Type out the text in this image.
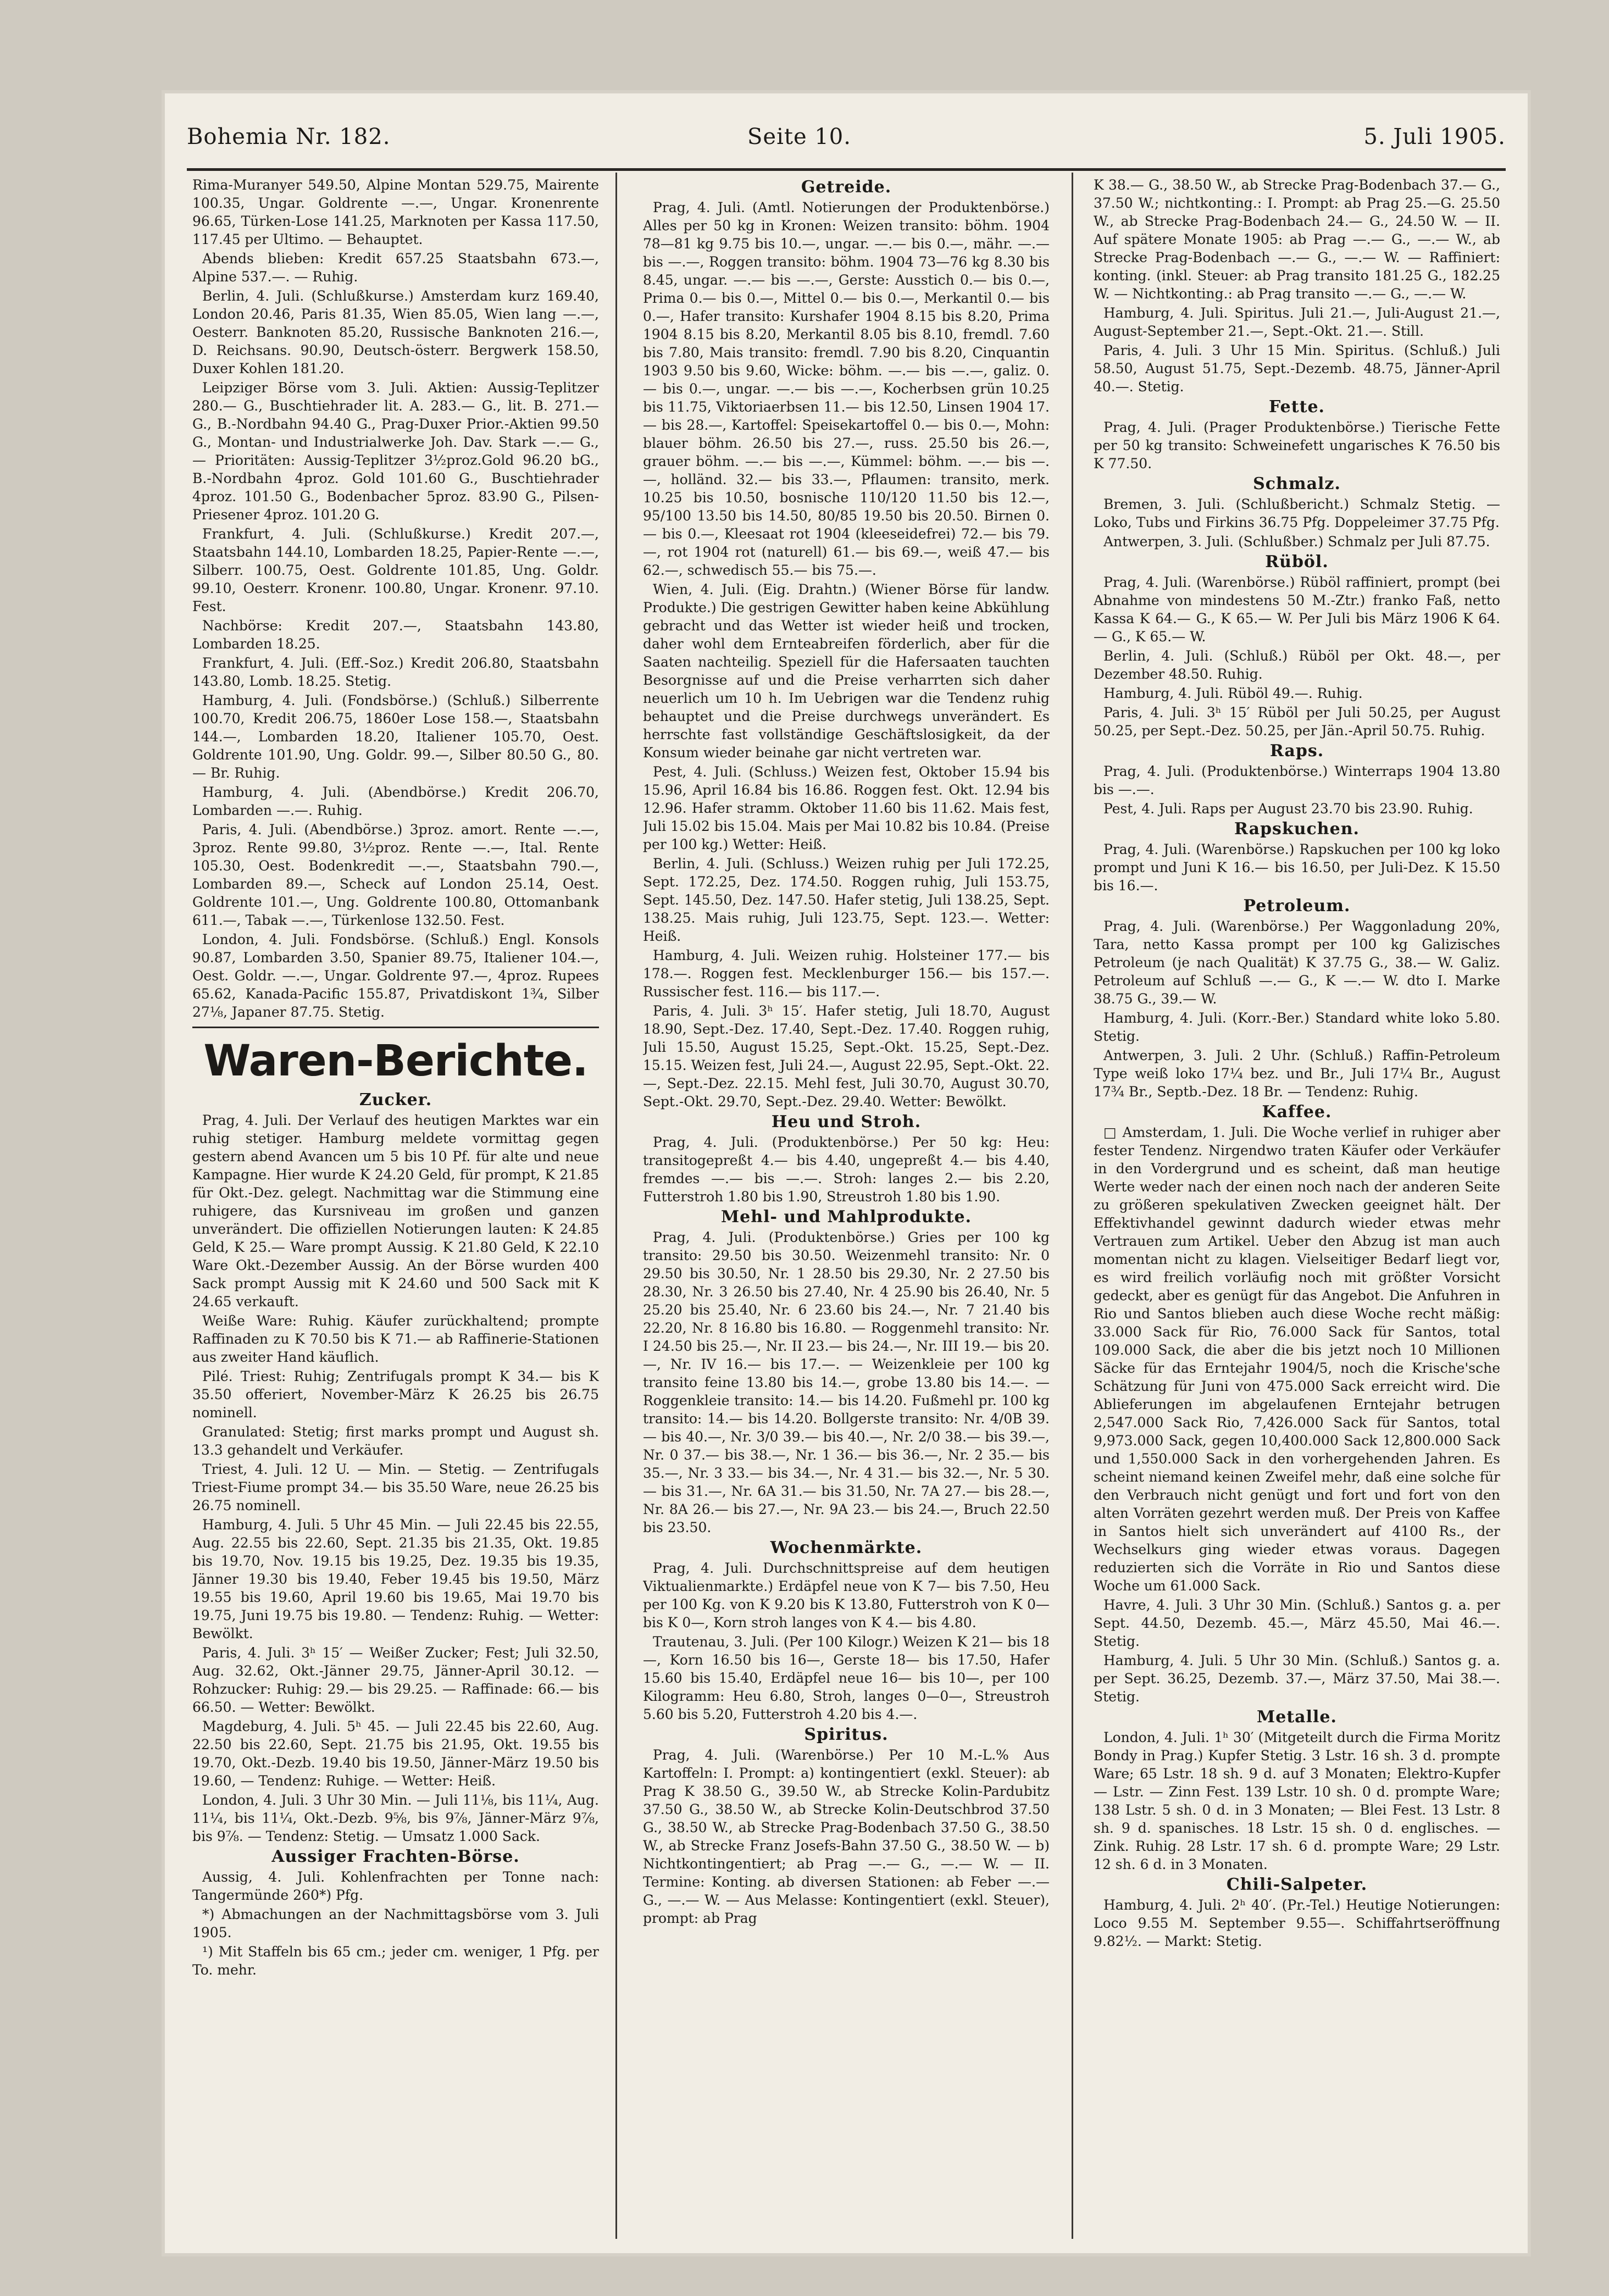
Bohemia Nr. 182.	Seite 10.	5. Juli 1905.

Rima-Muranyer 549.50, Alpine Montan 529.75, Mairente 100.35, Ungar. Goldrente —.—, Ungar. Kronenrente 96.65, Türken-Lose 141.25, Marknoten per Kassa 117.50, 117.45 per Ultimo. — Behauptet.

Abends blieben: Kredit 657.25 Staatsbahn 673.—, Alpine 537.—. — Ruhig.

Berlin, 4. Juli. (Schlußkurse.) Amsterdam kurz 169.40, London 20.46, Paris 81.35, Wien 85.05, Wien lang —.—, Oesterr. Banknoten 85.20, Russische Banknoten 216.—, D. Reichsans. 90.90, Deutsch-österr. Bergwerk 158.50, Duxer Kohlen 181.20.

Leipziger Börse vom 3. Juli. Aktien: Aussig-Teplitzer 280.— G., Buschtiehrader lit. A. 283.— G., lit. B. 271.— G., B.-Nordbahn 94.40 G., Prag-Duxer Prior.-Aktien 99.50 G., Montan- und Industrialwerke Joh. Dav. Stark —.— G., — Prioritäten: Aussig-Teplitzer 3½proz.Gold 96.20 bG., B.-Nordbahn 4proz. Gold 101.60 G., Buschtiehrader 4proz. 101.50 G., Bodenbacher 5proz. 83.90 G., Pilsen-Priesener 4proz. 101.20 G.

Frankfurt, 4. Juli. (Schlußkurse.) Kredit 207.—, Staatsbahn 144.10, Lombarden 18.25, Papier-Rente —.—, Silberr. 100.75, Oest. Goldrente 101.85, Ung. Goldr. 99.10, Oesterr. Kronenr. 100.80, Ungar. Kronenr. 97.10. Fest.

Nachbörse: Kredit 207.—, Staatsbahn 143.80, Lombarden 18.25.

Frankfurt, 4. Juli. (Eff.-Soz.) Kredit 206.80, Staatsbahn 143.80, Lomb. 18.25. Stetig.

Hamburg, 4. Juli. (Fondsbörse.) (Schluß.) Silberrente 100.70, Kredit 206.75, 1860er Lose 158.—, Staatsbahn 144.—, Lombarden 18.20, Italiener 105.70, Oest. Goldrente 101.90, Ung. Goldr. 99.—, Silber 80.50 G., 80.— Br. Ruhig.

Hamburg, 4. Juli. (Abendbörse.) Kredit 206.70, Lombarden —.—. Ruhig.

Paris, 4. Juli. (Abendbörse.) 3proz. amort. Rente —.—, 3proz. Rente 99.80, 3½proz. Rente —.—, Ital. Rente 105.30, Oest. Bodenkredit —.—, Staatsbahn 790.—, Lombarden 89.—, Scheck auf London 25.14, Oest. Goldrente 101.—, Ung. Goldrente 100.80, Ottomanbank 611.—, Tabak —.—, Türkenlose 132.50. Fest.

London, 4. Juli. Fondsbörse. (Schluß.) Engl. Konsols 90.87, Lombarden 3.50, Spanier 89.75, Italiener 104.—, Oest. Goldr. —.—, Ungar. Goldrente 97.—, 4proz. Rupees 65.62, Kanada-Pacific 155.87, Privatdiskont 1¾, Silber 27⅛, Japaner 87.75. Stetig.

Waren-Berichte.
Zucker.

Prag, 4. Juli. Der Verlauf des heutigen Marktes war ein ruhig stetiger. Hamburg meldete vormittag gegen gestern abend Avancen um 5 bis 10 Pf. für alte und neue Kampagne. Hier wurde K 24.20 Geld, für prompt, K 21.85 für Okt.-Dez. gelegt. Nachmittag war die Stimmung eine ruhigere, das Kursniveau im großen und ganzen unverändert. Die offiziellen Notierungen lauten: K 24.85 Geld, K 25.— Ware prompt Aussig. K 21.80 Geld, K 22.10 Ware Okt.-Dezember Aussig. An der Börse wurden 400 Sack prompt Aussig mit K 24.60 und 500 Sack mit K 24.65 verkauft.

Weiße Ware: Ruhig. Käufer zurückhaltend; prompte Raffinaden zu K 70.50 bis K 71.— ab Raffinerie-Stationen aus zweiter Hand käuflich.

Pilé. Triest: Ruhig; Zentrifugals prompt K 34.— bis K 35.50 offeriert, November-März K 26.25 bis 26.75 nominell.

Granulated: Stetig; first marks prompt und August sh. 13.3 gehandelt und Verkäufer.

Triest, 4. Juli. 12 U. — Min. — Stetig. — Zentrifugals Triest-Fiume prompt 34.— bis 35.50 Ware, neue 26.25 bis 26.75 nominell.

Hamburg, 4. Juli. 5 Uhr 45 Min. — Juli 22.45 bis 22.55, Aug. 22.55 bis 22.60, Sept. 21.35 bis 21.35, Okt. 19.85 bis 19.70, Nov. 19.15 bis 19.25, Dez. 19.35 bis 19.35, Jänner 19.30 bis 19.40, Feber 19.45 bis 19.50, März 19.55 bis 19.60, April 19.60 bis 19.65, Mai 19.70 bis 19.75, Juni 19.75 bis 19.80. — Tendenz: Ruhig. — Wetter: Bewölkt.

Paris, 4. Juli. 3ʰ 15′ — Weißer Zucker; Fest; Juli 32.50, Aug. 32.62, Okt.-Jänner 29.75, Jänner-April 30.12. — Rohzucker: Ruhig: 29.— bis 29.25. — Raffinade: 66.— bis 66.50. — Wetter: Bewölkt.

Magdeburg, 4. Juli. 5ʰ 45. — Juli 22.45 bis 22.60, Aug. 22.50 bis 22.60, Sept. 21.75 bis 21.95, Okt. 19.55 bis 19.70, Okt.-Dezb. 19.40 bis 19.50, Jänner-März 19.50 bis 19.60, — Tendenz: Ruhige. — Wetter: Heiß.

London, 4. Juli. 3 Uhr 30 Min. — Juli 11⅛, bis 11¼, Aug. 11¼, bis 11¼, Okt.-Dezb. 9⅝, bis 9⅞, Jänner-März 9⅞, bis 9⅞. — Tendenz: Stetig. — Umsatz 1.000 Sack.

Aussiger Frachten-Börse.

Aussig, 4. Juli. Kohlenfrachten per Tonne nach: Tangermünde 260*) Pfg.

*) Abmachungen an der Nachmittagsbörse vom 3. Juli 1905.

¹) Mit Staffeln bis 65 cm.; jeder cm. weniger, 1 Pfg. per To. mehr.

Getreide.

Prag, 4. Juli. (Amtl. Notierungen der Produktenbörse.) Alles per 50 kg in Kronen: Weizen transito: böhm. 1904 78—81 kg 9.75 bis 10.—, ungar. —.— bis 0.—, mähr. —.— bis —.—, Roggen transito: böhm. 1904 73—76 kg 8.30 bis 8.45, ungar. —.— bis —.—, Gerste: Ausstich 0.— bis 0.—, Prima 0.— bis 0.—, Mittel 0.— bis 0.—, Merkantil 0.— bis 0.—, Hafer transito: Kurshafer 1904 8.15 bis 8.20, Prima 1904 8.15 bis 8.20, Merkantil 8.05 bis 8.10, fremdl. 7.60 bis 7.80, Mais transito: fremdl. 7.90 bis 8.20, Cinquantin 1903 9.50 bis 9.60, Wicke: böhm. —.— bis —.—, galiz. 0.— bis 0.—, ungar. —.— bis —.—, Kocherbsen grün 10.25 bis 11.75, Viktoriaerbsen 11.— bis 12.50, Linsen 1904 17.— bis 28.—, Kartoffel: Speisekartoffel 0.— bis 0.—, Mohn: blauer böhm. 26.50 bis 27.—, russ. 25.50 bis 26.—, grauer böhm. —.— bis —.—, Kümmel: böhm. —.— bis —.—, holländ. 32.— bis 33.—, Pflaumen: transito, merk. 10.25 bis 10.50, bosnische 110/120 11.50 bis 12.—, 95/100 13.50 bis 14.50, 80/85 19.50 bis 20.50. Birnen 0.— bis 0.—, Kleesaat rot 1904 (kleeseidefrei) 72.— bis 79.—, rot 1904 rot (naturell) 61.— bis 69.—, weiß 47.— bis 62.—, schwedisch 55.— bis 75.—.

Wien, 4. Juli. (Eig. Drahtn.) (Wiener Börse für landw. Produkte.) Die gestrigen Gewitter haben keine Abkühlung gebracht und das Wetter ist wieder heiß und trocken, daher wohl dem Ernteabreifen förderlich, aber für die Saaten nachteilig. Speziell für die Hafersaaten tauchten Besorgnisse auf und die Preise verharrten sich daher neuerlich um 10 h. Im Uebrigen war die Tendenz ruhig behauptet und die Preise durchwegs unverändert. Es herrschte fast vollständige Geschäftslosigkeit, da der Konsum wieder beinahe gar nicht vertreten war.

Pest, 4. Juli. (Schluss.) Weizen fest, Oktober 15.94 bis 15.96, April 16.84 bis 16.86. Roggen fest. Okt. 12.94 bis 12.96. Hafer stramm. Oktober 11.60 bis 11.62. Mais fest, Juli 15.02 bis 15.04. Mais per Mai 10.82 bis 10.84. (Preise per 100 kg.) Wetter: Heiß.

Berlin, 4. Juli. (Schluss.) Weizen ruhig per Juli 172.25, Sept. 172.25, Dez. 174.50. Roggen ruhig, Juli 153.75, Sept. 145.50, Dez. 147.50. Hafer stetig, Juli 138.25, Sept. 138.25. Mais ruhig, Juli 123.75, Sept. 123.—. Wetter: Heiß.

Hamburg, 4. Juli. Weizen ruhig. Holsteiner 177.— bis 178.—. Roggen fest. Mecklenburger 156.— bis 157.—. Russischer fest. 116.— bis 117.—.

Paris, 4. Juli. 3ʰ 15′. Hafer stetig, Juli 18.70, August 18.90, Sept.-Dez. 17.40, Sept.-Dez. 17.40. Roggen ruhig, Juli 15.50, August 15.25, Sept.-Okt. 15.25, Sept.-Dez. 15.15. Weizen fest, Juli 24.—, August 22.95, Sept.-Okt. 22.—, Sept.-Dez. 22.15. Mehl fest, Juli 30.70, August 30.70, Sept.-Okt. 29.70, Sept.-Dez. 29.40. Wetter: Bewölkt.

Heu und Stroh.

Prag, 4. Juli. (Produktenbörse.) Per 50 kg: Heu: transitogepreßt 4.— bis 4.40, ungepreßt 4.— bis 4.40, fremdes —.— bis —.—. Stroh: langes 2.— bis 2.20, Futterstroh 1.80 bis 1.90, Streustroh 1.80 bis 1.90.

Mehl- und Mahlprodukte.

Prag, 4. Juli. (Produktenbörse.) Gries per 100 kg transito: 29.50 bis 30.50. Weizenmehl transito: Nr. 0 29.50 bis 30.50, Nr. 1 28.50 bis 29.30, Nr. 2 27.50 bis 28.30, Nr. 3 26.50 bis 27.40, Nr. 4 25.90 bis 26.40, Nr. 5 25.20 bis 25.40, Nr. 6 23.60 bis 24.—, Nr. 7 21.40 bis 22.20, Nr. 8 16.80 bis 16.80. — Roggenmehl transito: Nr. I 24.50 bis 25.—, Nr. II 23.— bis 24.—, Nr. III 19.— bis 20.—, Nr. IV 16.— bis 17.—. — Weizenkleie per 100 kg transito feine 13.80 bis 14.—, grobe 13.80 bis 14.—. — Roggenkleie transito: 14.— bis 14.20. Fußmehl pr. 100 kg transito: 14.— bis 14.20. Bollgerste transito: Nr. 4/0B 39.— bis 40.—, Nr. 3/0 39.— bis 40.—, Nr. 2/0 38.— bis 39.—, Nr. 0 37.— bis 38.—, Nr. 1 36.— bis 36.—, Nr. 2 35.— bis 35.—, Nr. 3 33.— bis 34.—, Nr. 4 31.— bis 32.—, Nr. 5 30.— bis 31.—, Nr. 6A 31.— bis 31.50, Nr. 7A 27.— bis 28.—, Nr. 8A 26.— bis 27.—, Nr. 9A 23.— bis 24.—, Bruch 22.50 bis 23.50.

Wochenmärkte.

Prag, 4. Juli. Durchschnittspreise auf dem heutigen Viktualienmarkte.) Erdäpfel neue von K 7— bis 7.50, Heu per 100 Kg. von K 9.20 bis K 13.80, Futterstroh von K 0— bis K 0—, Korn stroh langes von K 4.— bis 4.80.

Trautenau, 3. Juli. (Per 100 Kilogr.) Weizen K 21— bis 18—, Korn 16.50 bis 16—, Gerste 18— bis 17.50, Hafer 15.60 bis 15.40, Erdäpfel neue 16— bis 10—, per 100 Kilogramm: Heu 6.80, Stroh, langes 0—0—, Streustroh 5.60 bis 5.20, Futterstroh 4.20 bis 4.—.

Spiritus.

Prag, 4. Juli. (Warenbörse.) Per 10 M.-L.% Aus Kartoffeln: I. Prompt: a) kontingentiert (exkl. Steuer): ab Prag K 38.50 G., 39.50 W., ab Strecke Kolin-Pardubitz 37.50 G., 38.50 W., ab Strecke Kolin-Deutschbrod 37.50 G., 38.50 W., ab Strecke Prag-Bodenbach 37.50 G., 38.50 W., ab Strecke Franz Josefs-Bahn 37.50 G., 38.50 W. — b) Nichtkontingentiert; ab Prag —.— G., —.— W. — II. Termine: Konting. ab diversen Stationen: ab Feber —.— G., —.— W. — Aus Melasse: Kontingentiert (exkl. Steuer), prompt: ab Prag

K 38.— G., 38.50 W., ab Strecke Prag-Bodenbach 37.— G., 37.50 W.; nichtkonting.: I. Prompt: ab Prag 25.—G. 25.50 W., ab Strecke Prag-Bodenbach 24.— G., 24.50 W. — II. Auf spätere Monate 1905: ab Prag —.— G., —.— W., ab Strecke Prag-Bodenbach —.— G., —.— W. — Raffiniert: konting. (inkl. Steuer: ab Prag transito 181.25 G., 182.25 W. — Nichtkonting.: ab Prag transito —.— G., —.— W.

Hamburg, 4. Juli. Spiritus. Juli 21.—, Juli-August 21.—, August-September 21.—, Sept.-Okt. 21.—. Still.

Paris, 4. Juli. 3 Uhr 15 Min. Spiritus. (Schluß.) Juli 58.50, August 51.75, Sept.-Dezemb. 48.75, Jänner-April 40.—. Stetig.

Fette.

Prag, 4. Juli. (Prager Produktenbörse.) Tierische Fette per 50 kg transito: Schweinefett ungarisches K 76.50 bis K 77.50.

Schmalz.

Bremen, 3. Juli. (Schlußbericht.) Schmalz Stetig. — Loko, Tubs und Firkins 36.75 Pfg. Doppeleimer 37.75 Pfg.

Antwerpen, 3. Juli. (Schlußber.) Schmalz per Juli 87.75.

Rüböl.

Prag, 4. Juli. (Warenbörse.) Rüböl raffiniert, prompt (bei Abnahme von mindestens 50 M.-Ztr.) franko Faß, netto Kassa K 64.— G., K 65.— W. Per Juli bis März 1906 K 64.— G., K 65.— W.

Berlin, 4. Juli. (Schluß.) Rüböl per Okt. 48.—, per Dezember 48.50. Ruhig.

Hamburg, 4. Juli. Rüböl 49.—. Ruhig.

Paris, 4. Juli. 3ʰ 15′ Rüböl per Juli 50.25, per August 50.25, per Sept.-Dez. 50.25, per Jän.-April 50.75. Ruhig.

Raps.

Prag, 4. Juli. (Produktenbörse.) Winterraps 1904 13.80 bis —.—.

Pest, 4. Juli. Raps per August 23.70 bis 23.90. Ruhig.

Rapskuchen.

Prag, 4. Juli. (Warenbörse.) Rapskuchen per 100 kg loko prompt und Juni K 16.— bis 16.50, per Juli-Dez. K 15.50 bis 16.—.

Petroleum.

Prag, 4. Juli. (Warenbörse.) Per Waggonladung 20%, Tara, netto Kassa prompt per 100 kg Galizisches Petroleum (je nach Qualität) K 37.75 G., 38.— W. Galiz. Petroleum auf Schluß —.— G., K —.— W. dto I. Marke 38.75 G., 39.— W.

Hamburg, 4. Juli. (Korr.-Ber.) Standard white loko 5.80. Stetig.

Antwerpen, 3. Juli. 2 Uhr. (Schluß.) Raffin-Petroleum Type weiß loko 17¼ bez. und Br., Juli 17¼ Br., August 17¾ Br., Septb.-Dez. 18 Br. — Tendenz: Ruhig.

Kaffee.

□ Amsterdam, 1. Juli. Die Woche verlief in ruhiger aber fester Tendenz. Nirgendwo traten Käufer oder Verkäufer in den Vordergrund und es scheint, daß man heutige Werte weder nach der einen noch nach der anderen Seite zu größeren spekulativen Zwecken geeignet hält. Der Effektivhandel gewinnt dadurch wieder etwas mehr Vertrauen zum Artikel. Ueber den Abzug ist man auch momentan nicht zu klagen. Vielseitiger Bedarf liegt vor, es wird freilich vorläufig noch mit größter Vorsicht gedeckt, aber es genügt für das Angebot. Die Anfuhren in Rio und Santos blieben auch diese Woche recht mäßig: 33.000 Sack für Rio, 76.000 Sack für Santos, total 109.000 Sack, die aber die bis jetzt noch 10 Millionen Säcke für das Erntejahr 1904/5, noch die Krische'sche Schätzung für Juni von 475.000 Sack erreicht wird. Die Ablieferungen im abgelaufenen Erntejahr betrugen 2,547.000 Sack Rio, 7,426.000 Sack für Santos, total 9,973.000 Sack, gegen 10,400.000 Sack 12,800.000 Sack und 1,550.000 Sack in den vorhergehenden Jahren. Es scheint niemand keinen Zweifel mehr, daß eine solche für den Verbrauch nicht genügt und fort und fort von den alten Vorräten gezehrt werden muß. Der Preis von Kaffee in Santos hielt sich unverändert auf 4100 Rs., der Wechselkurs ging wieder etwas voraus. Dagegen reduzierten sich die Vorräte in Rio und Santos diese Woche um 61.000 Sack.

Havre, 4. Juli. 3 Uhr 30 Min. (Schluß.) Santos g. a. per Sept. 44.50, Dezemb. 45.—, März 45.50, Mai 46.—. Stetig.

Hamburg, 4. Juli. 5 Uhr 30 Min. (Schluß.) Santos g. a. per Sept. 36.25, Dezemb. 37.—, März 37.50, Mai 38.—. Stetig.

Metalle.

London, 4. Juli. 1ʰ 30′ (Mitgeteilt durch die Firma Moritz Bondy in Prag.) Kupfer Stetig. 3 Lstr. 16 sh. 3 d. prompte Ware; 65 Lstr. 18 sh. 9 d. auf 3 Monaten; Elektro-Kupfer — Lstr. — Zinn Fest. 139 Lstr. 10 sh. 0 d. prompte Ware; 138 Lstr. 5 sh. 0 d. in 3 Monaten; — Blei Fest. 13 Lstr. 8 sh. 9 d. spanisches. 18 Lstr. 15 sh. 0 d. englisches. — Zink. Ruhig. 28 Lstr. 17 sh. 6 d. prompte Ware; 29 Lstr. 12 sh. 6 d. in 3 Monaten.

Chili-Salpeter.

Hamburg, 4. Juli. 2ʰ 40′. (Pr.-Tel.) Heutige Notierungen: Loco 9.55 M. September 9.55—. Schiffahrtseröffnung 9.82½. — Markt: Stetig.
